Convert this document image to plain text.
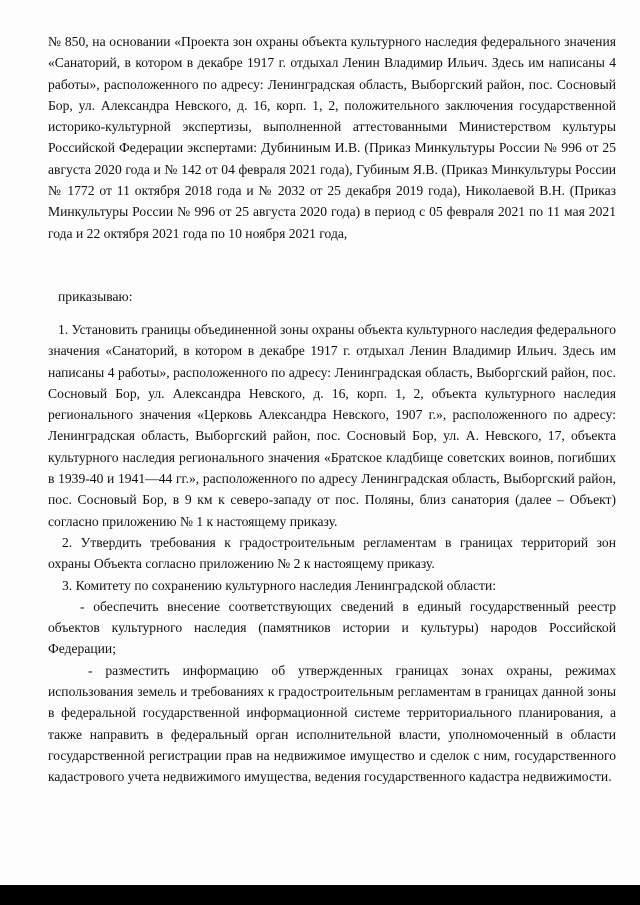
№ 850, на основании «Проекта зон охраны объекта культурного наследия федерального значения «Санаторий, в котором в декабре 1917 г. отдыхал Ленин Владимир Ильич. Здесь им написаны 4 работы», расположенного по адресу: Ленинградская область, Выборгский район, пос. Сосновый Бор, ул. Александра Невского, д. 16, корп. 1, 2, положительного заключения государственной историко-культурной экспертизы, выполненной аттестованными Министерством культуры Российской Федерации экспертами: Дубининым И.В. (Приказ Минкультуры России № 996 от 25 августа 2020 года и № 142 от 04 февраля 2021 года), Губиным Я.В. (Приказ Минкультуры России № 1772 от 11 октября 2018 года и № 2032 от 25 декабря 2019 года), Николаевой В.Н. (Приказ Минкультуры России № 996 от 25 августа 2020 года) в период с 05 февраля 2021 по 11 мая 2021 года и 22 октября 2021 года по 10 ноября 2021 года,

приказываю:

1. Установить границы объединенной зоны охраны объекта культурного наследия федерального значения «Санаторий, в котором в декабре 1917 г. отдыхал Ленин Владимир Ильич. Здесь им написаны 4 работы», расположенного по адресу: Ленинградская область, Выборгский район, пос. Сосновый Бор, ул. Александра Невского, д. 16, корп. 1, 2, объекта культурного наследия регионального значения «Церковь Александра Невского, 1907 г.», расположенного по адресу: Ленинградская область, Выборгский район, пос. Сосновый Бор, ул. А. Невского, 17, объекта культурного наследия регионального значения «Братское кладбище советских воинов, погибших в 1939-40 и 1941—44 гг.», расположенного по адресу Ленинградская область, Выборгский район, пос. Сосновый Бор, в 9 км к северо-западу от пос. Поляны, близ санатория (далее – Объект) согласно приложению № 1 к настоящему приказу.

2. Утвердить требования к градостроительным регламентам в границах территорий зон охраны Объекта согласно приложению № 2 к настоящему приказу.

3. Комитету по сохранению культурного наследия Ленинградской области:

- обеспечить внесение соответствующих сведений в единый государственный реестр объектов культурного наследия (памятников истории и культуры) народов Российской Федерации;

- разместить информацию об утвержденных границах зонах охраны, режимах использования земель и требованиях к градостроительным регламентам в границах данной зоны в федеральной государственной информационной системе территориального планирования, а также направить в федеральный орган исполнительной власти, уполномоченный в области государственной регистрации прав на недвижимое имущество и сделок с ним, государственного кадастрового учета недвижимого имущества, ведения государственного кадастра недвижимости.
